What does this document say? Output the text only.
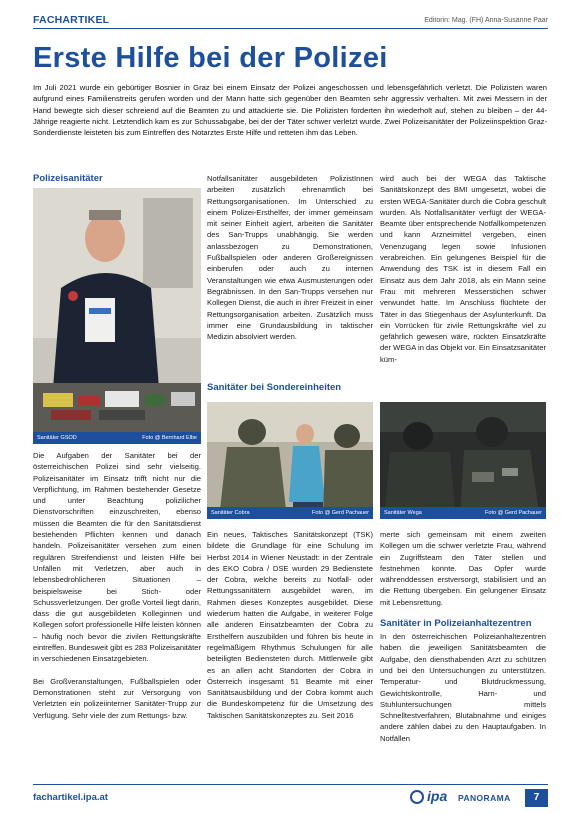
FACHARTIKEL	Editorin: Mag. (FH) Anna-Susanne Paar
Erste Hilfe bei der Polizei

Im Juli 2021 wurde ein gebürtiger Bosnier in Graz bei einem Einsatz der Polizei angeschossen und lebensgefährlich verletzt. Die Polizisten waren aufgrund eines Familienstreits gerufen worden und der Mann hatte sich gegenüber den Beamten sehr aggressiv verhalten. Mit zwei Messern in der Hand bewegte sich dieser schreiend auf die Beamten zu und attackierte sie. Die Polizisten forderten ihn wiederholt auf, stehen zu bleiben – der 44-Jährige reagierte nicht. Letztendlich kam es zur Schussabgabe, bei der der Täter schwer verletzt wurde. Zwei Polizeisanitäter der Polizeiinspektion Graz-Sonderdienste leisteten bis zum Eintreffen des Notarztes Erste Hilfe und retteten ihm das Leben.

Polizeisanitäter
Sanitäter GSOD	Foto @ Bernhard Elbe

Die Aufgaben der Sanitäter bei der österreichischen Polizei sind sehr vielseitig. Polizeisanitäter im Einsatz trifft nicht nur die Verpflichtung, im Rahmen bestehender Gesetze und unter Beachtung polizilicher Dienstvorschriften einzuschreiten, ebenso müssen die Beamten die für den Sanitätsdienst bestehenden Pflichten kennen und danach handeln. Polizeisanitäter versehen zum einen regulären Streifendienst und leisten Hilfe bei Unfällen mit Verletzen, aber auch in lebensbedrohlicheren Situationen – beispielsweise bei Stich- oder Schussverletzungen. Der große Vorteil liegt darin, dass die gut ausgebildeten Kolleginnen und Kollegen sofort professionelle Hilfe leisten können – häufig noch bevor die zivilen Rettungskräfte eintreffen. Bundesweit gibt es 283 Polizeisanitäter in verschiedenen Einsatzgebieten.

Bei Großveranstaltungen, Fußballspielen oder Demonstrationen steht zur Versorgung von Verletzten ein polizeiinterner Sanitäter-Trupp zur Verfügung. Sehr viele der zum Rettungs- bzw.

Notfallsanitäter ausgebildeten PolizistInnen arbeiten zusätzlich ehrenamtlich bei Rettungsorganisationen. Im Unterschied zu einem Polizei-Ersthelfer, der immer gemeinsam mit seiner Einheit agiert, arbeiten die Sanitäter des San-Trupps unabhängig. Sie werden anlassbezogen zu Demonstrationen, Fußballspielen oder anderen Großereignissen einberufen oder auch zu internen Veranstaltungen wie etwa Ausmusterungen oder Begräbnissen. In den San-Trupps versehen nur Kollegen Dienst, die auch in ihrer Freizeit in einer Rettungsorganisation arbeiten. Zusätzlich muss immer eine Grundausbildung in taktischer Medizin absolviert werden.

Sanitäter bei Sondereinheiten

wird auch bei der WEGA das Taktische Sanitätskonzept des BMI umgesetzt, wobei die ersten WEGA-Sanitäter durch die Cobra geschult wurden. Als Notfallsanitäter verfügt der WEGA-Beamte über entsprechende Notfallkompetenzen und kann Arzneimittel vergeben, einen Venenzugang legen sowie Infusionen verabreichen. Ein gelungenes Beispiel für die Anwendung des TSK ist in diesem Fall ein Einsatz aus dem Jahr 2018, als ein Mann seine Frau mit mehreren Messerstichen schwer verwundet hatte. Im Anschluss flüchtete der Täter in das Stiegenhaus der Asylunterkunft. Da ein Vorrücken für zivile Rettungskräfte viel zu gefährlich gewesen wäre, rückten Einsatzkräfte der WEGA in das Objekt vor. Ein Einsatzsanitäter küm-

Sanitäter Cobra	Foto @ Gerd Pachauer	Sanitäter Wega	Foto @ Gerd Pachauer

Ein neues, Taktisches Sanitätskonzept (TSK) bildete die Grundlage für eine Schulung im Herbst 2014 in Wiener Neustadt: in der Zentrale des EKO Cobra / DSE wurden 29 Bedienstete der Cobra, welche bereits zu Notfall- oder Rettungssanitätern ausgebildet waren, im Rahmen dieses Konzeptes ausgebildet. Diese wiederum hatten die Aufgabe, in weiterer Folge alle anderen Einsatzbeamten der Cobra zu Ersthelfern auszubilden und führen bis heute in regelmäßigem Rhythmus Schulungen für alle beteiligten Bediensteten durch. Mittlerweile gibt es an allen acht Standorten der Cobra in Österreich insgesamt 51 Beamte mit einer Sanitätsausbildung und der Cobra kommt auch die Bundeskompetenz für die Umsetzung des Taktischen Sanitätskonzeptes zu. Seit 2016

merte sich gemeinsam mit einem zweiten Kollegen um die schwer verletzte Frau, während ein Zugriffsteam den Täter stellen und festnehmen konnte. Das Opfer wurde währenddessen erstversorgt, stabilisiert und an die Rettung übergeben. Ein gelungener Einsatz mit Lebensrettung.

Sanitäter in Polizeianhaltezentren

In den österreichischen Polizeianhaltezentren haben die jeweiligen Sanitätsbeamten die Aufgabe, den diensthabenden Arzt zu schützen und bei den Untersuchungen zu unterstützen. Temperatur- und Blutdruckmessung, Gewichtskontrolle, Harn- und Stuhluntersuchungen mittels Schnelltestverfahren, Blutabnahme und einiges andere zählen dabei zu den Hauptaufgaben. In Notfällen

fachartikel.ipa.at	ipa PANORAMA	7
